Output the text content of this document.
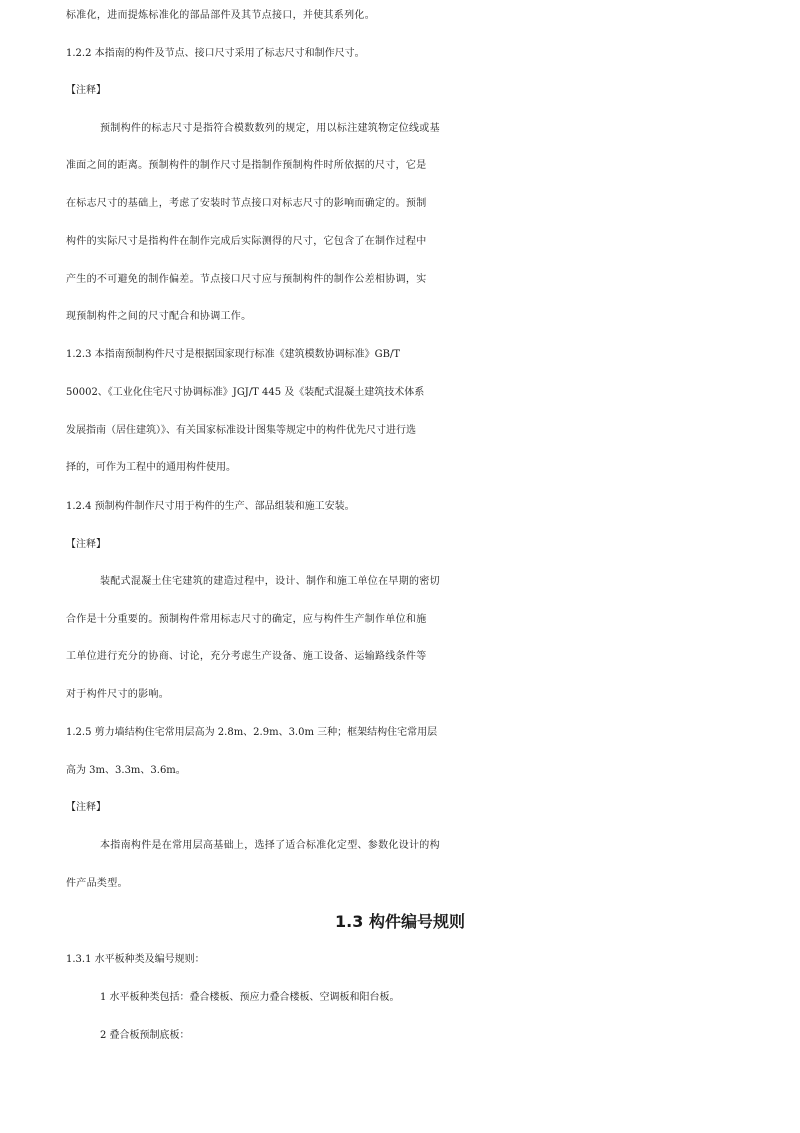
标准化，进而提炼标准化的部品部件及其节点接口，并使其系列化。
1.2.2 本指南的构件及节点、接口尺寸采用了标志尺寸和制作尺寸。
【注释】
预制构件的标志尺寸是指符合模数数列的规定，用以标注建筑物定位线或基
准面之间的距离。预制构件的制作尺寸是指制作预制构件时所依据的尺寸，它是
在标志尺寸的基础上，考虑了安装时节点接口对标志尺寸的影响而确定的。预制
构件的实际尺寸是指构件在制作完成后实际测得的尺寸，它包含了在制作过程中
产生的不可避免的制作偏差。节点接口尺寸应与预制构件的制作公差相协调，实
现预制构件之间的尺寸配合和协调工作。
1.2.3 本指南预制构件尺寸是根据国家现行标准《建筑模数协调标准》GB/T
50002、《工业化住宅尺寸协调标准》JGJ/T 445 及《装配式混凝土建筑技术体系
发展指南（居住建筑）》、有关国家标准设计图集等规定中的构件优先尺寸进行选
择的，可作为工程中的通用构件使用。
1.2.4 预制构件制作尺寸用于构件的生产、部品组装和施工安装。
【注释】
装配式混凝土住宅建筑的建造过程中，设计、制作和施工单位在早期的密切
合作是十分重要的。预制构件常用标志尺寸的确定，应与构件生产制作单位和施
工单位进行充分的协商、讨论，充分考虑生产设备、施工设备、运输路线条件等
对于构件尺寸的影响。
1.2.5 剪力墙结构住宅常用层高为 2.8m、2.9m、3.0m 三种；框架结构住宅常用层
高为 3m、3.3m、3.6m。
【注释】
本指南构件是在常用层高基础上，选择了适合标准化定型、参数化设计的构
件产品类型。
1.3 构件编号规则
1.3.1 水平板种类及编号规则：
1 水平板种类包括：叠合楼板、预应力叠合楼板、空调板和阳台板。
2 叠合板预制底板：
